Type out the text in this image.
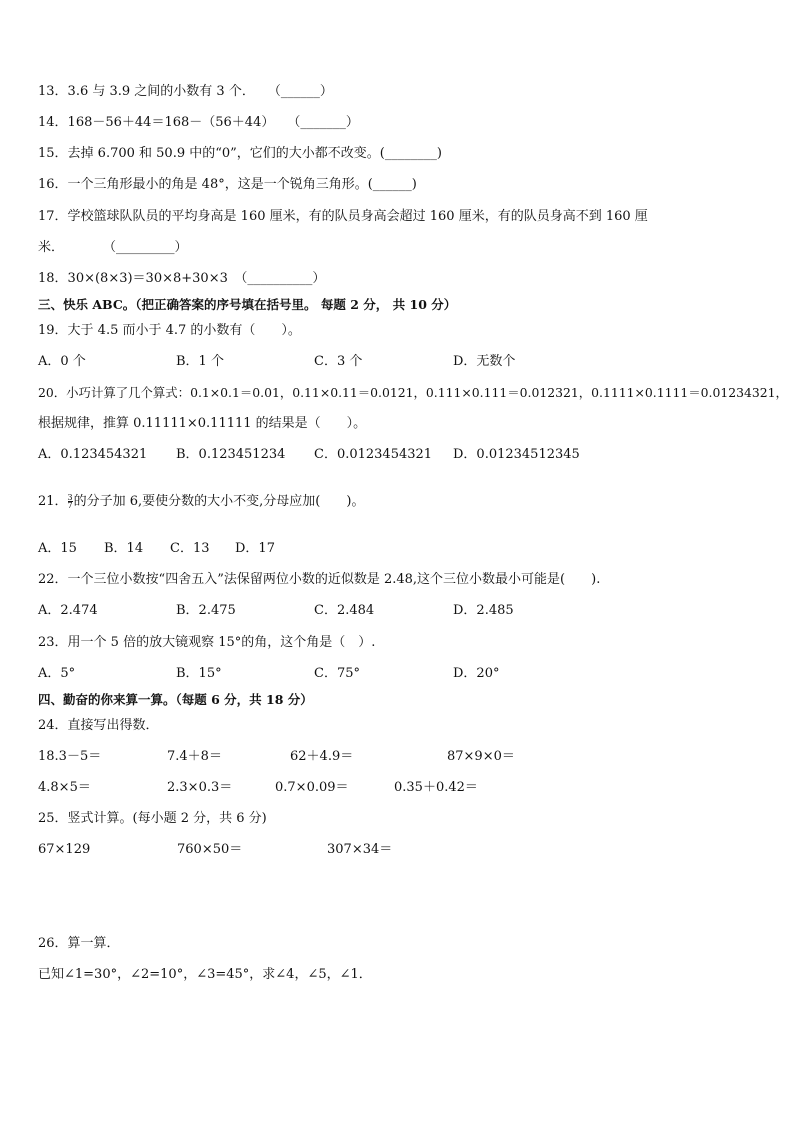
13．3.6 与 3.9 之间的小数有 3 个．　　（______）
14．168－56＋44＝168－（56＋44）　　（_______）
15．去掉 6.700 和 50.9 中的“0”，它们的大小都不改变。(________)
16．一个三角形最小的角是 48°，这是一个锐角三角形。(______)
17．学校篮球队队员的平均身高是 160 厘米，有的队员身高会超过 160 厘米，有的队员身高不到 160 厘
米．　　　　（_________）
18．30×(8×3)＝30×8+30×3　（__________）
三、快乐 ABC。（把正确答案的序号填在括号里。 每题 2 分， 共 10 分）
19．大于 4.5 而小于 4.7 的小数有（　　）。
A．0 个	B．1 个	C．3 个	D．无数个
20．小巧计算了几个算式：0.1×0.1＝0.01，0.11×0.11＝0.0121，0.111×0.111＝0.012321，0.1111×0.1111＝0.01234321，
根据规律，推算 0.11111×0.11111 的结果是（　　）。
A．0.123454321 B．0.123451234 C．0.0123454321 D．0.01234512345
21． $\frac{3}{7}$ 的分子加 6,要使分数的大小不变,分母应加(　　)。
A．15 B．14 C．13 D．17
22．一个三位小数按“四舍五入”法保留两位小数的近似数是 2.48,这个三位小数最小可能是(　　).
A．2.474	B．2.475	C．2.484	D．2.485
23．用一个 5 倍的放大镜观察 15°的角，这个角是（　）.
A．5°	B．15°	C．75°	D．20°
四、勤奋的你来算一算。（每题 6 分，共 18 分）
24．直接写出得数．
18.3－5＝	7.4＋8＝	62＋4.9＝	87×9×0＝
4.8×5＝	2.3×0.3＝	0.7×0.09＝	0.35＋0.42＝
25．竖式计算。(每小题 2 分，共 6 分)
67×129	760×50＝	307×34＝
26．算一算．
已知∠1=30°，∠2=10°，∠3=45°，求∠4，∠5，∠1．
